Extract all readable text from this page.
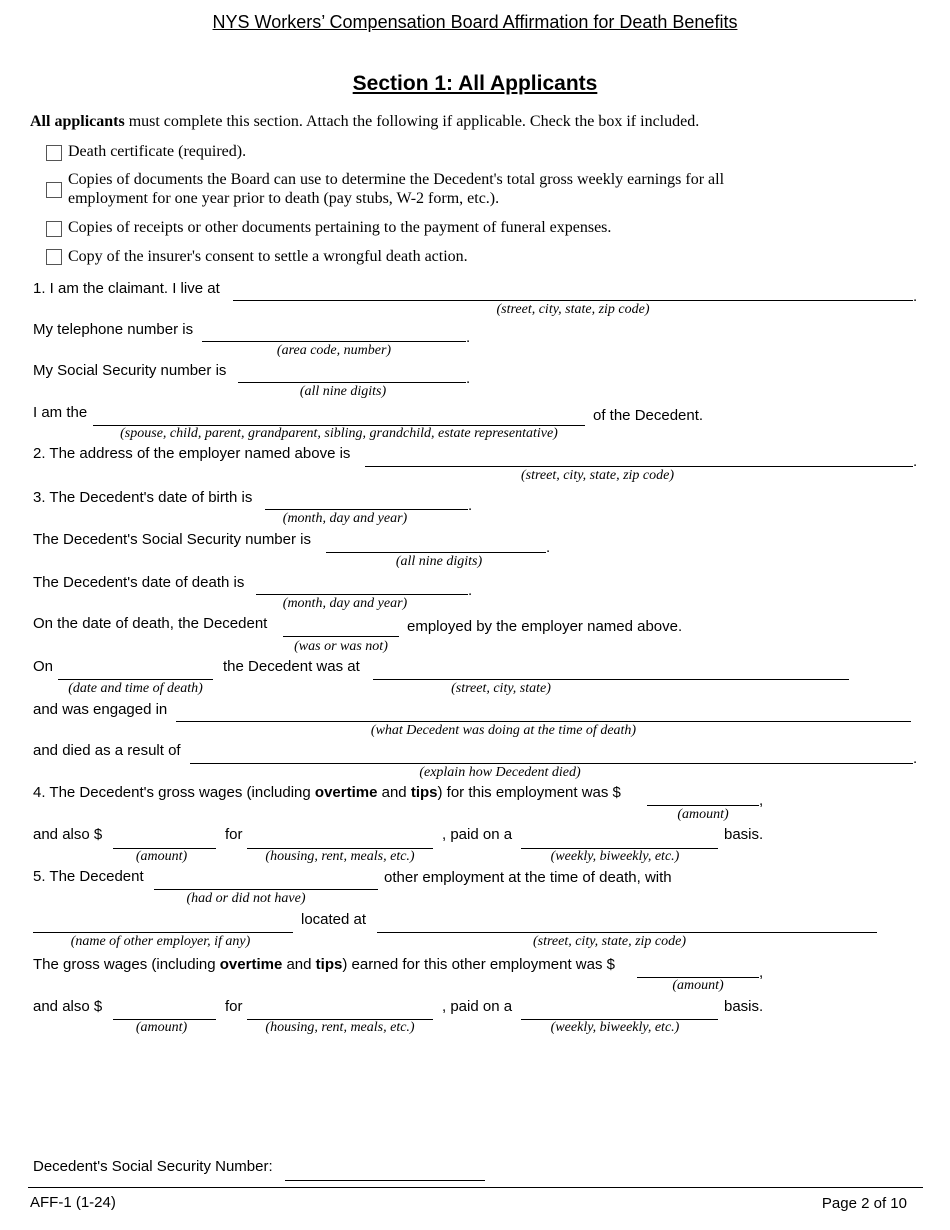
NYS Workers’ Compensation Board Affirmation for Death Benefits
Section 1: All Applicants
All applicants must complete this section. Attach the following if applicable. Check the box if included.
Death certificate (required).
Copies of documents the Board can use to determine the Decedent's total gross weekly earnings for all
employment for one year prior to death (pay stubs, W-2 form, etc.).
Copies of receipts or other documents pertaining to the payment of funeral expenses.
Copy of the insurer's consent to settle a wrongful death action.
1. I am the claimant. I live at	.
(street, city, state, zip code)
My telephone number is	.
(area code, number)
My Social Security number is	.
(all nine digits)
I am the	of the Decedent.
(spouse, child, parent, grandparent, sibling, grandchild, estate representative)
2. The address of the employer named above is	.
(street, city, state, zip code)
3. The Decedent's date of birth is	.
(month, day and year)
The Decedent's Social Security number is	.
(all nine digits)
The Decedent's date of death is	.
(month, day and year)
On the date of death, the Decedent	employed by the employer named above.
(was or was not)
On	the Decedent was at
(date and time of death)	(street, city, state)
and was engaged in
(what Decedent was doing at the time of death)
and died as a result of	.
(explain how Decedent died)
4. The Decedent's gross wages (including overtime and tips) for this employment was $	,
(amount)
and also $	for	, paid on a	basis.
(amount)	(housing, rent, meals, etc.)	(weekly, biweekly, etc.)
5. The Decedent	other employment at the time of death, with
(had or did not have)
located at
(name of other employer, if any)	(street, city, state, zip code)
The gross wages (including overtime and tips) earned for this other employment was $	,
(amount)
and also $	for	, paid on a	basis.
(amount)	(housing, rent, meals, etc.)	(weekly, biweekly, etc.)
Decedent's Social Security Number:
AFF-1 (1-24)	Page 2 of 10
